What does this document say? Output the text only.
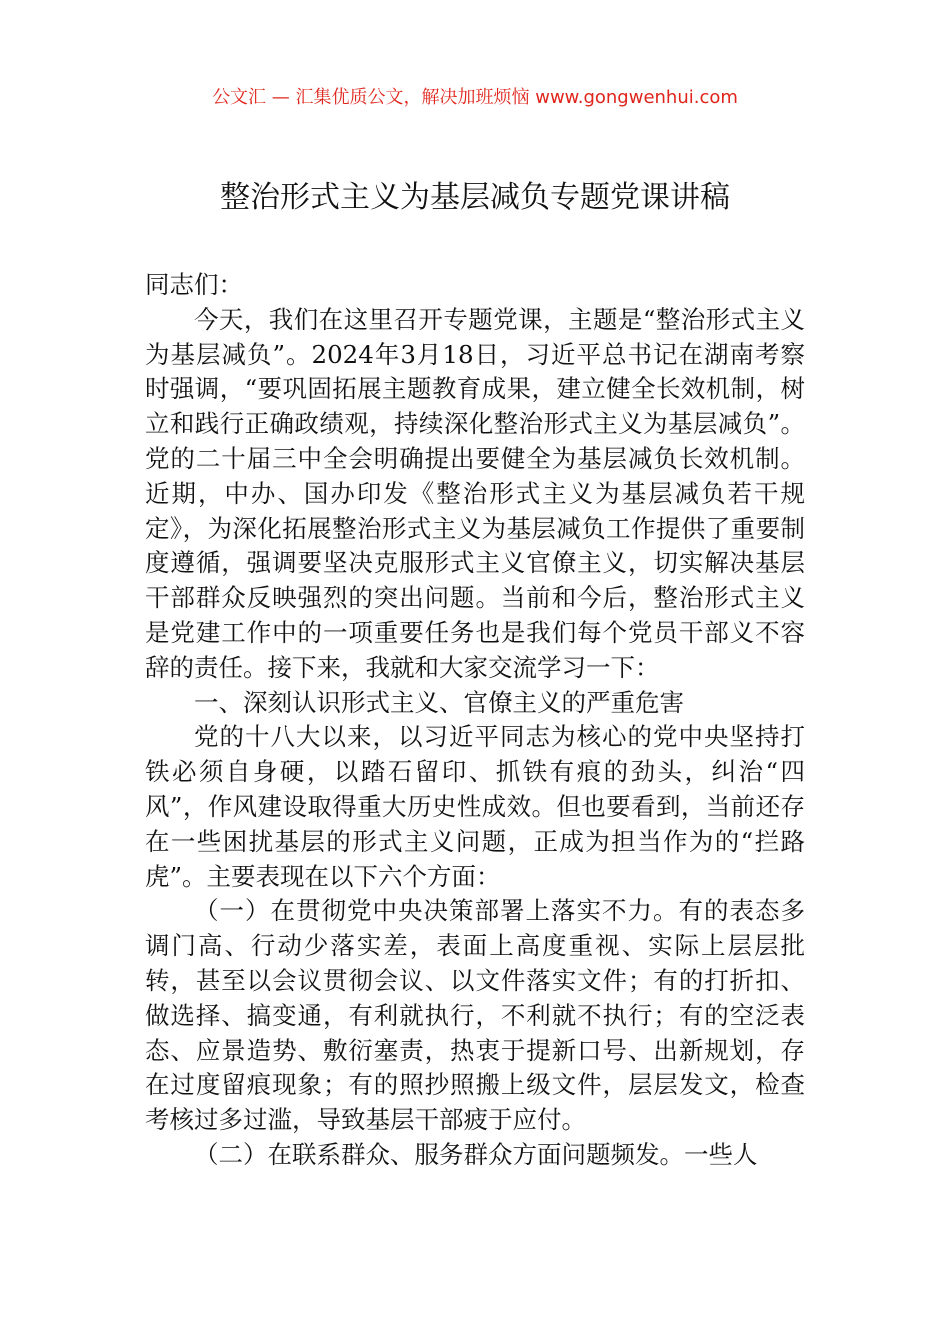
公文汇 — 汇集优质公文，解决加班烦恼 www.gongwenhui.com
整治形式主义为基层减负专题党课讲稿

同志们：

今天，我们在这里召开专题党课，主题是“整治形式主义为基层减负”。2024年3月18日，习近平总书记在湖南考察时强调，“要巩固拓展主题教育成果，建立健全长效机制，树立和践行正确政绩观，持续深化整治形式主义为基层减负”。党的二十届三中全会明确提出要健全为基层减负长效机制。近期，中办、国办印发《整治形式主义为基层减负若干规定》，为深化拓展整治形式主义为基层减负工作提供了重要制度遵循，强调要坚决克服形式主义官僚主义，切实解决基层干部群众反映强烈的突出问题。当前和今后，整治形式主义是党建工作中的一项重要任务也是我们每个党员干部义不容辞的责任。接下来，我就和大家交流学习一下：

一、深刻认识形式主义、官僚主义的严重危害

党的十八大以来，以习近平同志为核心的党中央坚持打铁必须自身硬，以踏石留印、抓铁有痕的劲头，纠治“四风”，作风建设取得重大历史性成效。但也要看到，当前还存在一些困扰基层的形式主义问题，正成为担当作为的“拦路虎”。主要表现在以下六个方面：

（一）在贯彻党中央决策部署上落实不力。有的表态多调门高、行动少落实差，表面上高度重视、实际上层层批转，甚至以会议贯彻会议、以文件落实文件；有的打折扣、做选择、搞变通，有利就执行，不利就不执行；有的空泛表态、应景造势、敷衍塞责，热衷于提新口号、出新规划，存在过度留痕现象；有的照抄照搬上级文件，层层发文，检查考核过多过滥，导致基层干部疲于应付。

（二）在联系群众、服务群众方面问题频发。一些人
